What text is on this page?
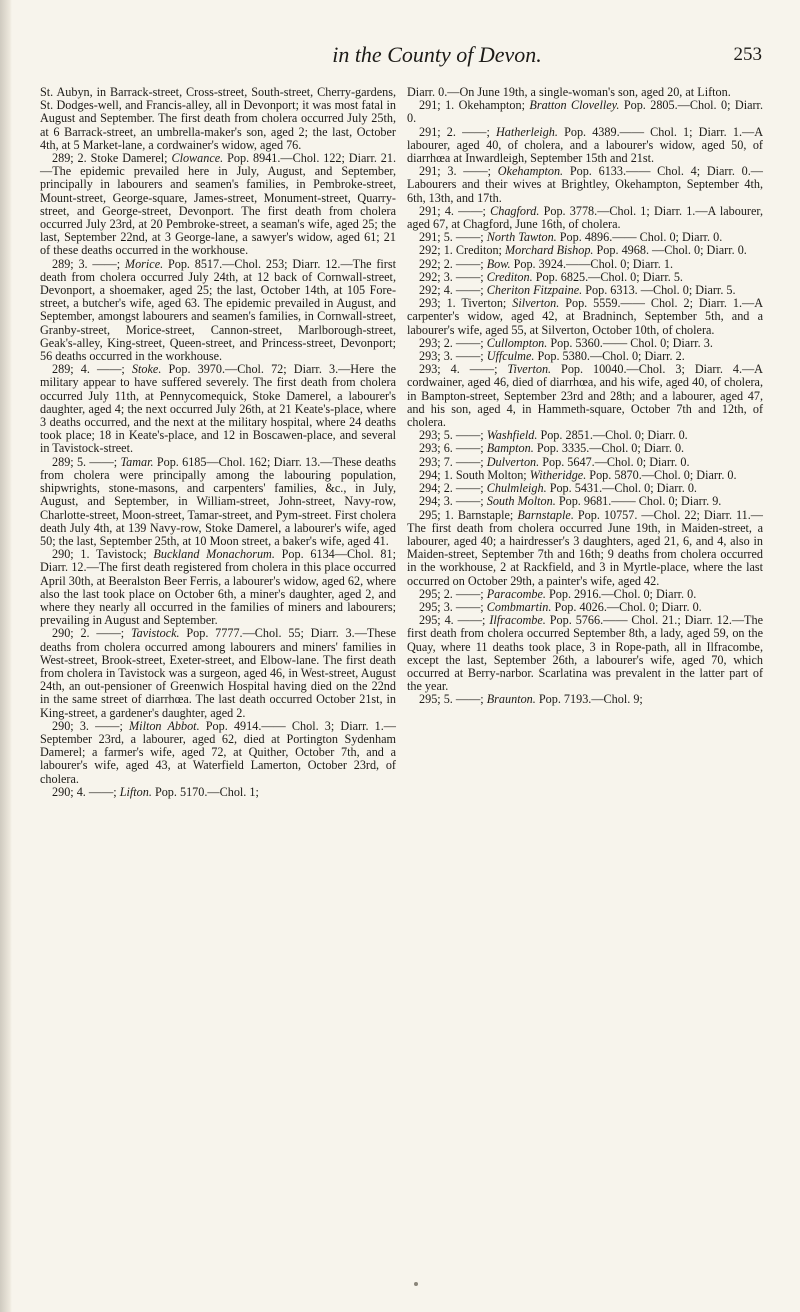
in the County of Devon.	253

St. Aubyn, in Barrack-street, Cross-street, South-street, Cherry-gardens, St. Dodges-well, and Francis-alley, all in Devonport; it was most fatal in August and September. The first death from cholera occurred July 25th, at 6 Barrack-street, an umbrella-maker's son, aged 2; the last, October 4th, at 5 Market-lane, a cordwainer's widow, aged 76.

289; 2. Stoke Damerel; Clowance. Pop. 8941.—Chol. 122; Diarr. 21.—The epidemic prevailed here in July, August, and September, principally in labourers and seamen's families, in Pembroke-street, Mount-street, George-square, James-street, Monument-street, Quarry-street, and George-street, Devonport. The first death from cholera occurred July 23rd, at 20 Pembroke-street, a seaman's wife, aged 25; the last, September 22nd, at 3 George-lane, a sawyer's widow, aged 61; 21 of these deaths occurred in the workhouse.

289; 3. ——; Morice. Pop. 8517.—Chol. 253; Diarr. 12.—The first death from cholera occurred July 24th, at 12 back of Cornwall-street, Devonport, a shoemaker, aged 25; the last, October 14th, at 105 Fore-street, a butcher's wife, aged 63. The epidemic prevailed in August, and September, amongst labourers and seamen's families, in Cornwall-street, Granby-street, Morice-street, Cannon-street, Marlborough-street, Geak's-alley, King-street, Queen-street, and Princess-street, Devonport; 56 deaths occurred in the workhouse.

289; 4. ——; Stoke. Pop. 3970.—Chol. 72; Diarr. 3.—Here the military appear to have suffered severely. The first death from cholera occurred July 11th, at Pennycomequick, Stoke Damerel, a labourer's daughter, aged 4; the next occurred July 26th, at 21 Keate's-place, where 3 deaths occurred, and the next at the military hospital, where 24 deaths took place; 18 in Keate's-place, and 12 in Boscawen-place, and several in Tavistock-street.

289; 5. ——; Tamar. Pop. 6185—Chol. 162; Diarr. 13.—These deaths from cholera were principally among the labouring population, shipwrights, stone-masons, and carpenters' families, &c., in July, August, and September, in William-street, John-street, Navy-row, Charlotte-street, Moon-street, Tamar-street, and Pym-street. First cholera death July 4th, at 139 Navy-row, Stoke Damerel, a labourer's wife, aged 50; the last, September 25th, at 10 Moon street, a baker's wife, aged 41.

290; 1. Tavistock; Buckland Monachorum. Pop. 6134—Chol. 81; Diarr. 12.—The first death registered from cholera in this place occurred April 30th, at Beeralston Beer Ferris, a labourer's widow, aged 62, where also the last took place on October 6th, a miner's daughter, aged 2, and where they nearly all occurred in the families of miners and labourers; prevailing in August and September.

290; 2. ——; Tavistock. Pop. 7777.—Chol. 55; Diarr. 3.—These deaths from cholera occurred among labourers and miners' families in West-street, Brook-street, Exeter-street, and Elbow-lane. The first death from cholera in Tavistock was a surgeon, aged 46, in West-street, August 24th, an out-pensioner of Greenwich Hospital having died on the 22nd in the same street of diarrhœa. The last death occurred October 21st, in King-street, a gardener's daughter, aged 2.

290; 3. ——; Milton Abbot. Pop. 4914.—— Chol. 3; Diarr. 1.—September 23rd, a labourer, aged 62, died at Portington Sydenham Damerel; a farmer's wife, aged 72, at Quither, October 7th, and a labourer's wife, aged 43, at Waterfield Lamerton, October 23rd, of cholera.

290; 4. ——; Lifton. Pop. 5170.—Chol. 1;

Diarr. 0.—On June 19th, a single-woman's son, aged 20, at Lifton.

291; 1. Okehampton; Bratton Clovelley. Pop. 2805.—Chol. 0; Diarr. 0.

291; 2. ——; Hatherleigh. Pop. 4389.—— Chol. 1; Diarr. 1.—A labourer, aged 40, of cholera, and a labourer's widow, aged 50, of diarrhœa at Inwardleigh, September 15th and 21st.

291; 3. ——; Okehampton. Pop. 6133.—— Chol. 4; Diarr. 0.—Labourers and their wives at Brightley, Okehampton, September 4th, 6th, 13th, and 17th.

291; 4. ——; Chagford. Pop. 3778.—Chol. 1; Diarr. 1.—A labourer, aged 67, at Chagford, June 16th, of cholera.

291; 5. ——; North Tawton. Pop. 4896.—— Chol. 0; Diarr. 0.

292; 1. Crediton; Morchard Bishop. Pop. 4968. —Chol. 0; Diarr. 0.

292; 2. ——; Bow. Pop. 3924.——Chol. 0; Diarr. 1.

292; 3. ——; Crediton. Pop. 6825.—Chol. 0; Diarr. 5.

292; 4. ——; Cheriton Fitzpaine. Pop. 6313. —Chol. 0; Diarr. 5.

293; 1. Tiverton; Silverton. Pop. 5559.—— Chol. 2; Diarr. 1.—A carpenter's widow, aged 42, at Bradninch, September 5th, and a labourer's wife, aged 55, at Silverton, October 10th, of cholera.

293; 2. ——; Cullompton. Pop. 5360.—— Chol. 0; Diarr. 3.

293; 3. ——; Uffculme. Pop. 5380.—Chol. 0; Diarr. 2.

293; 4. ——; Tiverton. Pop. 10040.—Chol. 3; Diarr. 4.—A cordwainer, aged 46, died of diarrhœa, and his wife, aged 40, of cholera, in Bampton-street, September 23rd and 28th; and a labourer, aged 47, and his son, aged 4, in Hammeth-square, October 7th and 12th, of cholera.

293; 5. ——; Washfield. Pop. 2851.—Chol. 0; Diarr. 0.

293; 6. ——; Bampton. Pop. 3335.—Chol. 0; Diarr. 0.

293; 7. ——; Dulverton. Pop. 5647.—Chol. 0; Diarr. 0.

294; 1. South Molton; Witheridge. Pop. 5870.—Chol. 0; Diarr. 0.

294; 2. ——; Chulmleigh. Pop. 5431.—Chol. 0; Diarr. 0.

294; 3. ——; South Molton. Pop. 9681.—— Chol. 0; Diarr. 9.

295; 1. Barnstaple; Barnstaple. Pop. 10757. —Chol. 22; Diarr. 11.—The first death from cholera occurred June 19th, in Maiden-street, a labourer, aged 40; a hairdresser's 3 daughters, aged 21, 6, and 4, also in Maiden-street, September 7th and 16th; 9 deaths from cholera occurred in the workhouse, 2 at Rackfield, and 3 in Myrtle-place, where the last occurred on October 29th, a painter's wife, aged 42.

295; 2. ——; Paracombe. Pop. 2916.—Chol. 0; Diarr. 0.

295; 3. ——; Combmartin. Pop. 4026.—Chol. 0; Diarr. 0.

295; 4. ——; Ilfracombe. Pop. 5766.—— Chol. 21.; Diarr. 12.—The first death from cholera occurred September 8th, a lady, aged 59, on the Quay, where 11 deaths took place, 3 in Rope-path, all in Ilfracombe, except the last, September 26th, a labourer's wife, aged 70, which occurred at Berry-narbor. Scarlatina was prevalent in the latter part of the year.

295; 5. ——; Braunton. Pop. 7193.—Chol. 9;
